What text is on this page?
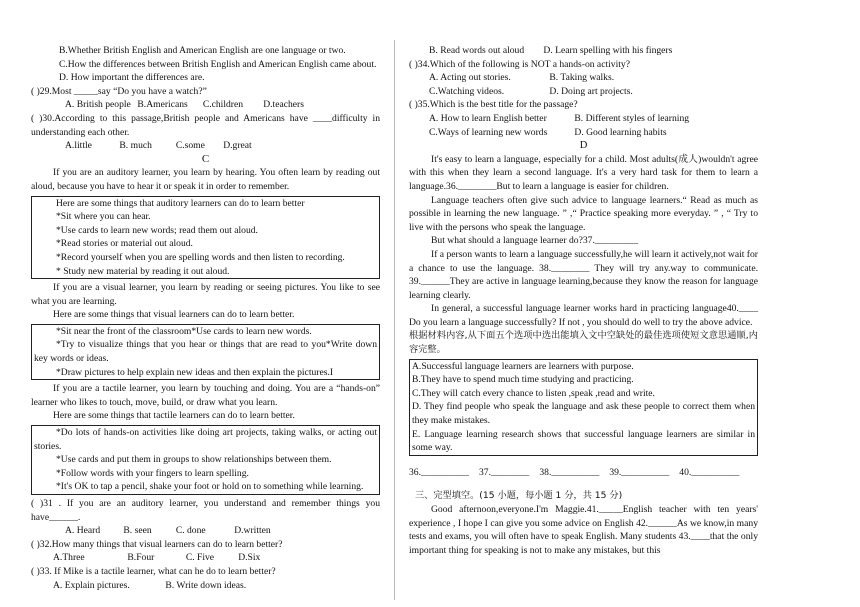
B.Whether British English and American English are one language or two.

C.How the differences between British English and American English came about.

D. How important the differences are.

( )29.Most _____say “Do you have a watch?”

A. British people B.Americans C.children D.teachers

( )30.According to this passage,British people and Americans have ____difficulty in understanding each other.

A.little	B. much C.some D.great

C

If you are an auditory learner, you learn by hearing. You often learn by reading out aloud, because you have to hear it or speak it in order to remember.

Here are some things that auditory learners can do to learn better

*Sit where you can hear.

*Use cards to learn new words; read them out aloud.

*Read stories or material out aloud.

*Record yourself when you are spelling words and then listen to recording.

* Study new material by reading it out aloud.

If you are a visual learner, you learn by reading or seeing pictures. You like to see what you are learning.

Here are some things that visual learners can do to learn better.

*Sit near the front of the classroom*Use cards to learn new words.

*Try to visualize things that you hear or things that are read to you*Write down key words or ideas.

*Draw pictures to help explain new ideas and then explain the pictures.I

If you are a tactile learner, you learn by touching and doing. You are a “hands-on” learner who likes to touch, move, build, or draw what you learn.

Here are some things that tactile learners can do to learn better.

*Do lots of hands-on activities like doing art projects, taking walks, or acting out stories.

*Use cards and put them in groups to show relationships between them.

*Follow words with your fingers to learn spelling.

*It's OK to tap a pencil, shake your foot or hold on to something while learning.

( )31 . If you are an auditory learner, you understand and remember things you have______.

A. Heard B. seen	C. done	D.written

( )32.How many things that visual learners can do to learn better?

A.Three	B.Four	C. Five	D.Six

( )33. If Mike is a tactile learner, what can he do to learn better?

A. Explain pictures.	B. Write down ideas.
B. Read words out aloud D. Learn spelling with his fingers

( )34.Which of the following is NOT a hands-on activity?

A. Acting out stories.	B. Taking walks.
C.Watching videos.	D. Doing art projects.

( )35.Which is the best title for the passage?

A. How to learn English better	B. Different styles of learning
C.Ways of learning new words	D. Good learning habits

D

It's easy to learn a language, especially for a child. Most adults(成人)wouldn't agree with this when they learn a second language. It's a very hard task for them to learn a language.36.________But to learn a language is easier for children.

Language teachers often give such advice to language learners.“ Read as much as possible in learning the new language. ” ,“ Practice speaking more everyday. ” , “ Try to live with the persons who speak the language.

But what should a language learner do?37._________

If a person wants to learn a language successfully,he will learn it actively,not wait for a chance to use the language. 38.________ They will try any.way to communicate. 39.______They are active in language learning,because they know the reason for language learning clearly.

In general, a successful language learner works hard in practicing language40.____ Do you learn a language successfully? If not , you should do well to try the above advice.

根据材料内容,从下面五个选项中选出能填入文中空缺处的最佳选项使短文意思通顺,内容完整。

A.Successful language learners are learners with purpose.

B.They have to spend much time studying and practicing.

C.They will catch every chance to listen ,speak ,read and write.

D. They find people who speak the language and ask these people to correct them when they make mistakes.

E. Language learning research shows that successful language learners are similar in some way.

36.__________ 37.________ 38.__________ 39.__________ 40.__________

三、完型填空。(15 小题，每小题 1 分，共 15 分)

Good afternoon,everyone.I'm Maggie.41._____English teacher with ten years' experience , I hope I can give you some advice on English 42.______As we know,in many tests and exams, you will often have to speak English. Many students 43.____that the only important thing for speaking is not to make any mistakes, but this
